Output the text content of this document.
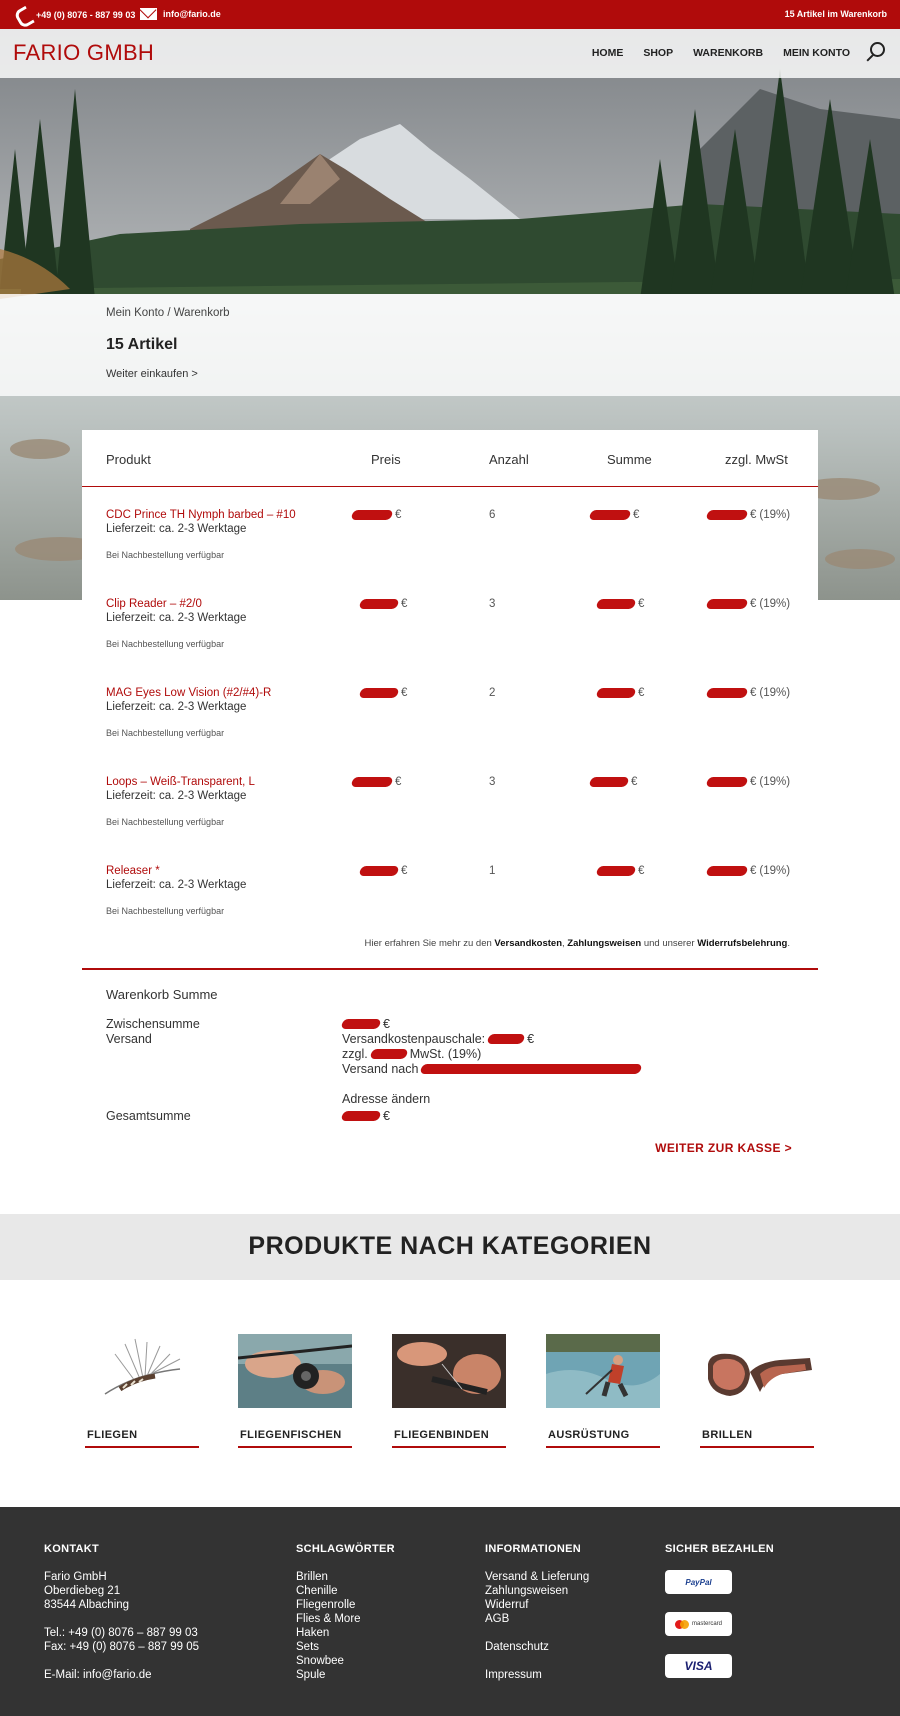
+49 (0) 8076 - 887 99 03	info@fario.de	15 Artikel im Warenkorb
FARIO GMBH	HOME SHOP WARENKORB MEIN KONTO
Mein Konto / Warenkorb
15 Artikel
Weiter einkaufen >
Produkt	Preis	Anzahl	Summe	zzgl. MwSt
CDC Prince TH Nymph barbed – #10
Lieferzeit: ca. 2-3 Werktage
Bei Nachbestellung verfügbar
€	6	€	€ (19%)
Clip Reader – #2/0
Lieferzeit: ca. 2-3 Werktage
Bei Nachbestellung verfügbar
€	3	€	€ (19%)
MAG Eyes Low Vision (#2/#4)-R
Lieferzeit: ca. 2-3 Werktage
Bei Nachbestellung verfügbar
€	2	€	€ (19%)
Loops – Weiß-Transparent, L
Lieferzeit: ca. 2-3 Werktage
Bei Nachbestellung verfügbar
€	3	€	€ (19%)
Releaser *
Lieferzeit: ca. 2-3 Werktage
Bei Nachbestellung verfügbar
€	1	€	€ (19%)
Hier erfahren Sie mehr zu den Versandkosten, Zahlungsweisen und unserer Widerrufsbelehrung.
Warenkorb Summe
Zwischensumme	€
Versand	Versandkostenpauschale:	€
zzgl.	MwSt. (19%)
Versand nach
Adresse ändern
Gesamtsumme	€
WEITER ZUR KASSE >
PRODUKTE NACH KATEGORIEN
FLIEGEN	FLIEGENFISCHEN	FLIEGENBINDEN	AUSRÜSTUNG	BRILLEN
KONTAKT
Fario GmbH
Oberdiebeg 21
83544 Albaching
Tel.: +49 (0) 8076 – 887 99 03
Fax: +49 (0) 8076 – 887 99 05
E-Mail: info@fario.de
SCHLAGWÖRTER
Brillen
Chenille
Fliegenrolle
Flies & More
Haken
Sets
Snowbee
Spule
INFORMATIONEN
Versand & Lieferung
Zahlungsweisen
Widerruf
AGB
Datenschutz
Impressum
SICHER BEZAHLEN
PayPal
mastercard
VISA
